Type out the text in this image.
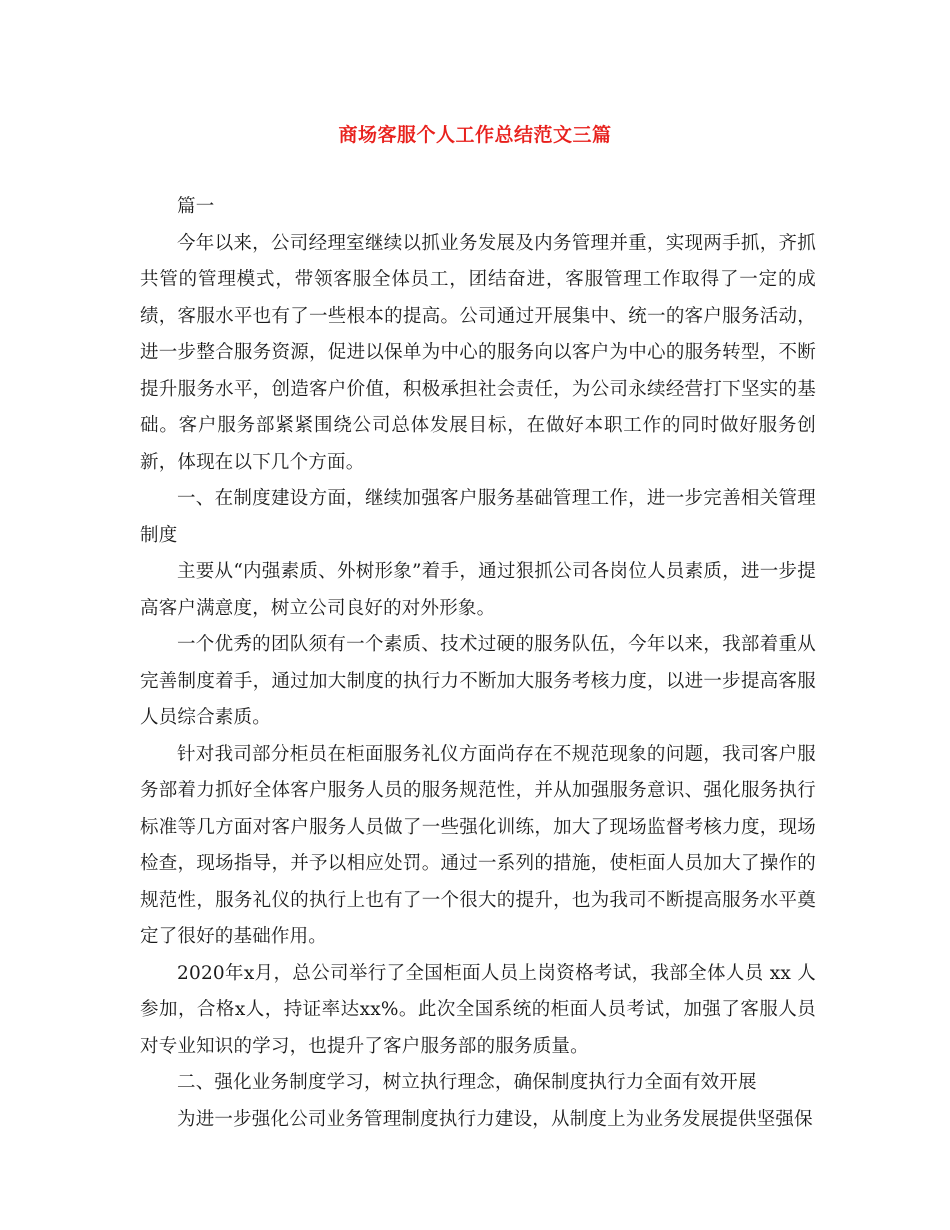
商场客服个人工作总结范文三篇

篇一

今年以来，公司经理室继续以抓业务发展及内务管理并重，实现两手抓，齐抓共管的管理模式，带领客服全体员工，团结奋进，客服管理工作取得了一定的成绩，客服水平也有了一些根本的提高。公司通过开展集中、统一的客户服务活动，进一步整合服务资源，促进以保单为中心的服务向以客户为中心的服务转型，不断提升服务水平，创造客户价值，积极承担社会责任，为公司永续经营打下坚实的基础。客户服务部紧紧围绕公司总体发展目标，在做好本职工作的同时做好服务创新，体现在以下几个方面。

一、在制度建设方面，继续加强客户服务基础管理工作，进一步完善相关管理制度

主要从“内强素质、外树形象”着手，通过狠抓公司各岗位人员素质，进一步提高客户满意度，树立公司良好的对外形象。

一个优秀的团队须有一个素质、技术过硬的服务队伍，今年以来，我部着重从完善制度着手，通过加大制度的执行力不断加大服务考核力度，以进一步提高客服人员综合素质。

针对我司部分柜员在柜面服务礼仪方面尚存在不规范现象的问题，我司客户服务部着力抓好全体客户服务人员的服务规范性，并从加强服务意识、强化服务执行标准等几方面对客户服务人员做了一些强化训练，加大了现场监督考核力度，现场检查，现场指导，并予以相应处罚。通过一系列的措施，使柜面人员加大了操作的规范性，服务礼仪的执行上也有了一个很大的提升，也为我司不断提高服务水平奠定了很好的基础作用。

2020年x月，总公司举行了全国柜面人员上岗资格考试，我部全体人员 xx 人参加，合格x人，持证率达xx%。此次全国系统的柜面人员考试，加强了客服人员对专业知识的学习，也提升了客户服务部的服务质量。

二、强化业务制度学习，树立执行理念，确保制度执行力全面有效开展

为进一步强化公司业务管理制度执行力建设，从制度上为业务发展提供坚强保
